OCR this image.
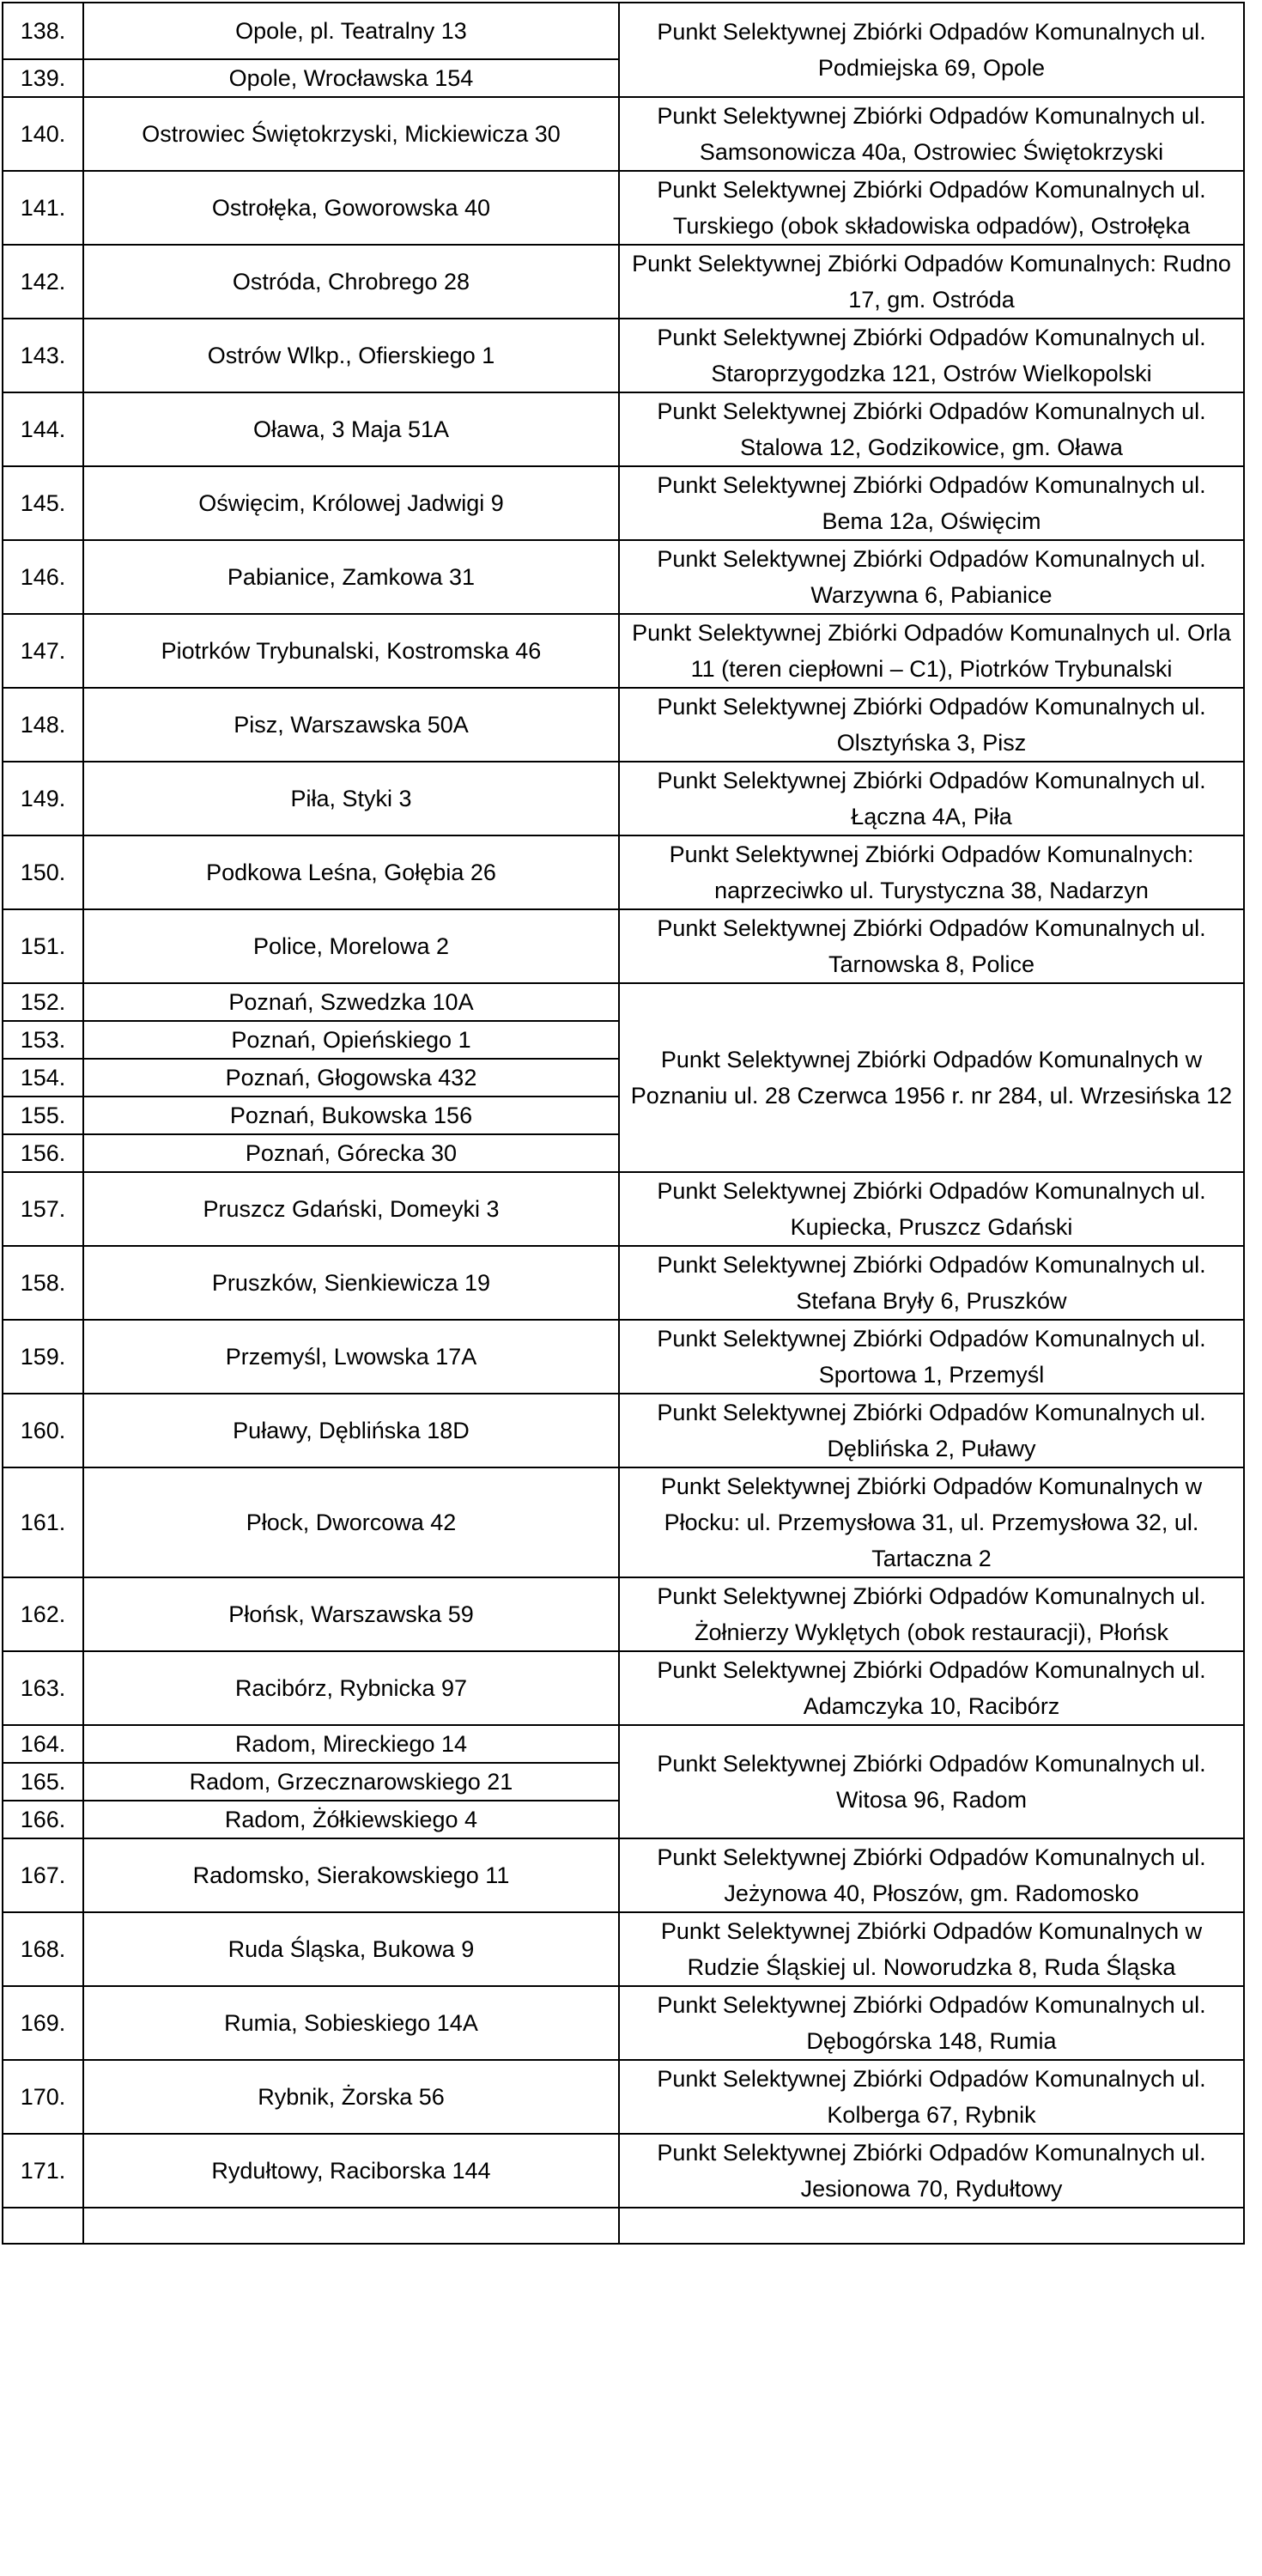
138.	Opole, pl. Teatralny 13	Punkt Selektywnej Zbiórki Odpadów Komunalnych ul. Podmiejska 69, Opole
139.	Opole, Wrocławska 154	
140.	Ostrowiec Świętokrzyski, Mickiewicza 30	Punkt Selektywnej Zbiórki Odpadów Komunalnych ul. Samsonowicza 40a, Ostrowiec Świętokrzyski
141.	Ostrołęka, Goworowska 40	Punkt Selektywnej Zbiórki Odpadów Komunalnych ul. Turskiego (obok składowiska odpadów), Ostrołęka
142.	Ostróda, Chrobrego 28	Punkt Selektywnej Zbiórki Odpadów Komunalnych: Rudno 17, gm. Ostróda
143.	Ostrów Wlkp., Ofierskiego 1	Punkt Selektywnej Zbiórki Odpadów Komunalnych ul. Staroprzygodzka 121, Ostrów Wielkopolski
144.	Oława, 3 Maja 51A	Punkt Selektywnej Zbiórki Odpadów Komunalnych ul. Stalowa 12, Godzikowice, gm. Oława
145.	Oświęcim, Królowej Jadwigi 9	Punkt Selektywnej Zbiórki Odpadów Komunalnych ul. Bema 12a, Oświęcim
146.	Pabianice, Zamkowa 31	Punkt Selektywnej Zbiórki Odpadów Komunalnych ul. Warzywna 6, Pabianice
147.	Piotrków Trybunalski, Kostromska 46	Punkt Selektywnej Zbiórki Odpadów Komunalnych ul. Orla 11 (teren ciepłowni – C1), Piotrków Trybunalski
148.	Pisz, Warszawska 50A	Punkt Selektywnej Zbiórki Odpadów Komunalnych ul. Olsztyńska 3, Pisz
149.	Piła, Styki 3	Punkt Selektywnej Zbiórki Odpadów Komunalnych ul. Łączna 4A, Piła
150.	Podkowa Leśna, Gołębia 26	Punkt Selektywnej Zbiórki Odpadów Komunalnych: naprzeciwko ul. Turystyczna 38, Nadarzyn
151.	Police, Morelowa 2	Punkt Selektywnej Zbiórki Odpadów Komunalnych ul. Tarnowska 8, Police
152.	Poznań, Szwedzka 10A	Punkt Selektywnej Zbiórki Odpadów Komunalnych w Poznaniu ul. 28 Czerwca 1956 r. nr 284, ul. Wrzesińska 12
153.	Poznań, Opieńskiego 1	
154.	Poznań, Głogowska 432	
155.	Poznań, Bukowska 156	
156.	Poznań, Górecka 30	
157.	Pruszcz Gdański, Domeyki 3	Punkt Selektywnej Zbiórki Odpadów Komunalnych ul. Kupiecka, Pruszcz Gdański
158.	Pruszków, Sienkiewicza 19	Punkt Selektywnej Zbiórki Odpadów Komunalnych ul. Stefana Bryły 6, Pruszków
159.	Przemyśl, Lwowska 17A	Punkt Selektywnej Zbiórki Odpadów Komunalnych ul. Sportowa 1, Przemyśl
160.	Puławy, Dęblińska 18D	Punkt Selektywnej Zbiórki Odpadów Komunalnych ul. Dęblińska 2, Puławy
161.	Płock, Dworcowa 42	Punkt Selektywnej Zbiórki Odpadów Komunalnych w Płocku: ul. Przemysłowa 31, ul. Przemysłowa 32, ul. Tartaczna 2
162.	Płońsk, Warszawska 59	Punkt Selektywnej Zbiórki Odpadów Komunalnych ul. Żołnierzy Wyklętych (obok restauracji), Płońsk
163.	Racibórz, Rybnicka 97	Punkt Selektywnej Zbiórki Odpadów Komunalnych ul. Adamczyka 10, Racibórz
164.	Radom, Mireckiego 14	Punkt Selektywnej Zbiórki Odpadów Komunalnych ul. Witosa 96, Radom
165.	Radom, Grzecznarowskiego 21	
166.	Radom, Żółkiewskiego 4	
167.	Radomsko, Sierakowskiego 11	Punkt Selektywnej Zbiórki Odpadów Komunalnych ul. Jeżynowa 40, Płoszów, gm. Radomosko
168.	Ruda Śląska, Bukowa 9	Punkt Selektywnej Zbiórki Odpadów Komunalnych w Rudzie Śląskiej ul. Noworudzka 8, Ruda Śląska
169.	Rumia, Sobieskiego 14A	Punkt Selektywnej Zbiórki Odpadów Komunalnych ul. Dębogórska 148, Rumia
170.	Rybnik, Żorska 56	Punkt Selektywnej Zbiórki Odpadów Komunalnych ul. Kolberga 67, Rybnik
171.	Rydułtowy, Raciborska 144	Punkt Selektywnej Zbiórki Odpadów Komunalnych ul. Jesionowa 70, Rydułtowy
